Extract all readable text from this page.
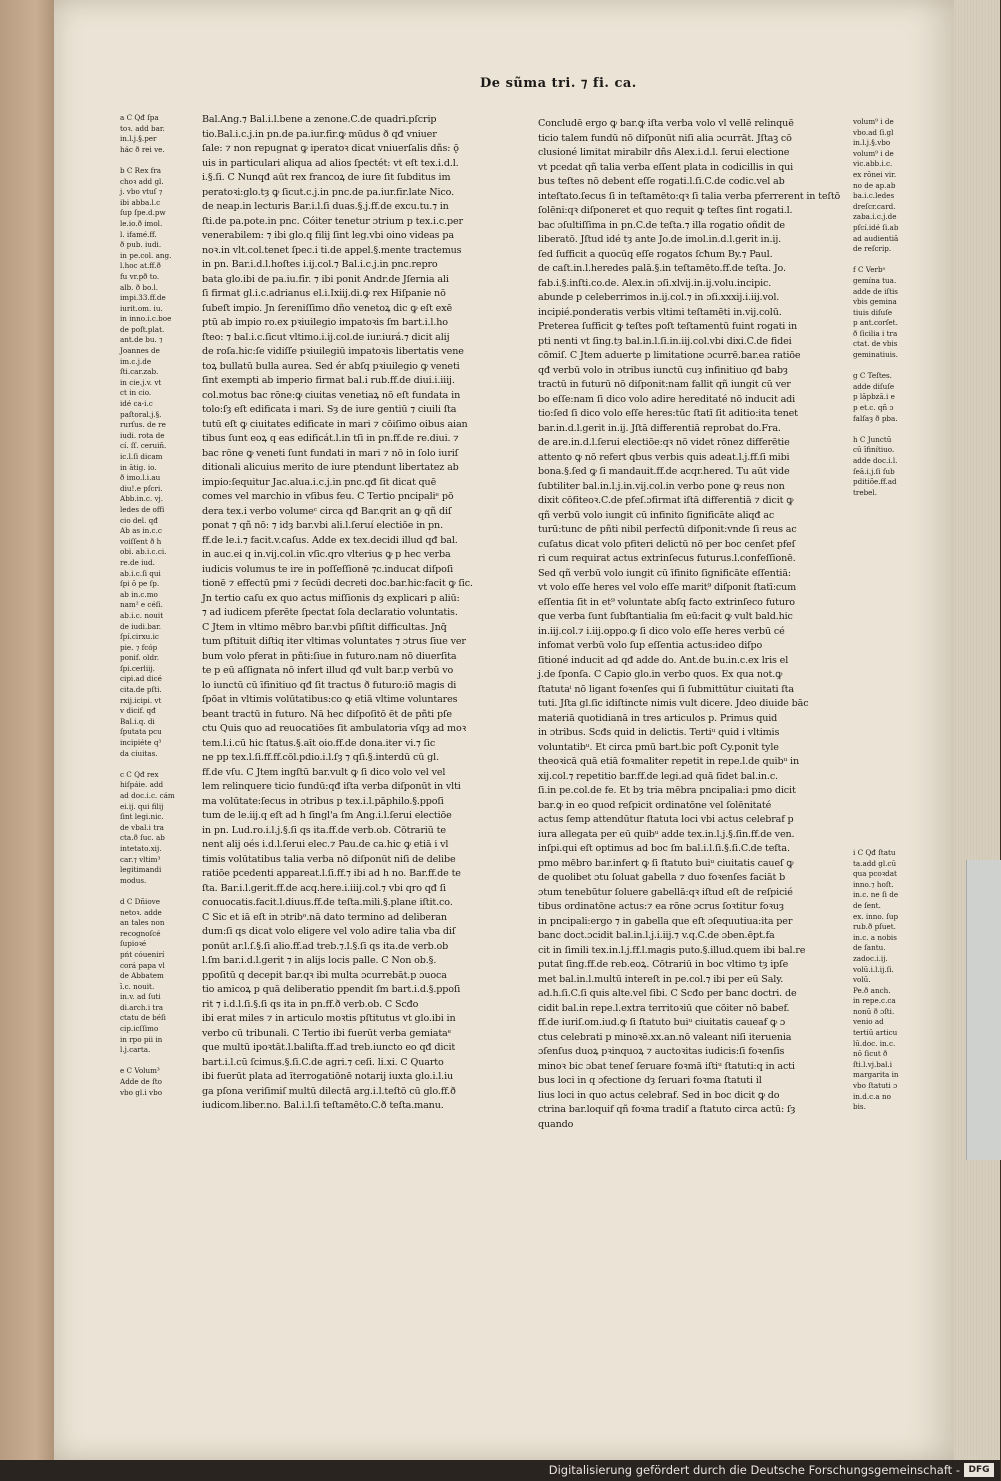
De sũma tri. ⁊ fi. ca.
a C Qđ ſpa
toꝛ. add bar.
in.l.j.§.per
hác ð rei ve.

b C Rex fra
choꝛ add gl.
j. vbo vtuſ ⁊
ibi abba.l.c
ſup ſpe.d.pw
le.io.ð imol.
l. ifamé.ff.
ð pub. iudi.
in pe.col. ang.
l.hoc at.ff.ð
fu vr.pð to.
alb. ð bo.l.
impi.33.ff.de
iurit.om. iu.
in inno.i.c.boe
de poſt.plat.
ant.de bu. ⁊
Joannes de
im.c.j.de
ſti.car.zab.
in cie.j.v. vt
ct in cio.
idé ca-i.c
paſtoral.j.§.
rurſus. de re
iudi. rota de
cí. ſſ. ceruiñ.
ic.l.ſi dicam
in ātig. io.
ð imo.l.i.au
diu!.e pſcri.
Abb.in.c. vj.
ledes de offi
cio del. qđ
Ab as in.c.c
voiſſent ð h
obi. ab.i.c.ci.
re.de iud.
ab.i.c.ſi qui
ſpi ō pe ſp.
ab in.c.mo
nam² e céſi.
ab.i.c. nouit
de iudi.bar.
ſpí.cirxu.ic
pie. ⁊ fcóp
ponif. oldr.
ſpi.cerliij.
cipi.ad dicé
cita.de pſti.
rxij.icipi. vt
v dicif. qđ
Bal.i.q. di
ſputata pcu
incipiéte q³
da ciuitas.

c C Qđ rex
hiſpáie. add
ad doc.i.c. cám
ei.ij. qui filij
ſint legi.nic.
de vbal.i tra
cta.ð ſuc. ab
intetato.xij.
car.⁊ vltim³
legitimandi
modus.

d C Dñiove
netoꝛ. adde
an tales non
recognoſcé
ſupioꝛé
pńt cóuenirí
corá papa vl
de Abbatem
ī.c. nouit.
in.v. ad ſuti
di.arch.i tra
ctatu de béſi
cip.icſſimo
in rpo pii in
l.j.carta.

e C Volum³
Adde de ſto
vbo gl.i vbo
Bal.Ang.⁊ Bal.i.l.bene a zenone.C.de quadri.pſcrip
tio.Bal.i.c.j.in pn.de pa.iur.fir.ꝙ mūdus ð qđ vniuer
ſale: ⁊ non repugnat ꝙ iperatoꝛ dicat vniuerſalis dñs: ǭ
uis in particulari aliqua ad alios ſpectét: vt eſt tex.i.d.l.
i.§.ſi. C Nunqđ aūt rex francoꝝ de iure ſit ſubditus im
peratoꝛi:glo.tȝ ꝙ ſicut.c.j.in pnc.de pa.iur.fir.late Nico.
de neap.in lecturis Bar.i.l.ſi duas.§.j.ff.de excu.tu.⁊ in
ſti.de pa.pote.in pnc. Cóiter tenetur ɔtrium p tex.i.c.per
venerabilem: ⁊ ibi glo.q filij ſint leg.vbi oino videas pa
noꝛ.in vlt.col.tenet ſpec.i ti.de appel.§.mente tractemus
in pn. Bar.i.d.l.hoſtes i.ij.col.⁊ Bal.i.c.j.in pnc.repro
bata glo.ibi de pa.iu.fir. ⁊ ibi ponit Andr.de Jſernia ali
ſi firmat gl.i.c.adrianus el.i.Ixiij.di.ꝙ rex Hiſpanie nō
ſubeſt impio. Jn ſereniſſimo dño venetoꝝ dic ꝙ eſt exē
ptū ab impio ro.ex pꝛiuilegio impatoꝛis ſm bart.i.l.ho
ſteo: ⁊ bal.i.c.ſicut vltimo.i.ij.col.de iur.iurá.⁊ dicit alij
de roſa.hic:ſe vidiſſe pꝛiuilegiū impatoꝛis libertatis vene
toꝝ bullatū bulla aurea. Sed ér abſq pꝛiuilegio ꝙ veneti
ſint exempti ab imperio firmat bal.i rub.ff.de diui.i.iiij.
col.motus bac rōne:ꝙ ciuitas venetiaꝝ nō eſt fundata in
tolo:ſȝ eſt edificata i mari. Sȝ de iure gentiū ⁊ ciuili ſta
tutū eſt ꝙ ciuitates edificate in mari ⁊ cōiſimo oibus aian
tibus ſunt eoꝝ q eas edificát.l.in tſi in pn.ff.de re.diui. ⁊
bac rōne ꝙ veneti ſunt fundati in mari ⁊ nō in ſolo iuriſ
ditionali alicuius merito de iure ptendunt libertatez ab
impio:ſequitur Jac.alua.i.c.j.in pnc.qđ ſit dicat quē
comes vel marchio in vſibus feu. C Tertio pncipaliᵉ pō
dera tex.i verbo volumeᶜ circa qđ Bar.qrit an ꝙ qñ diſ
ponat ⁊ qñ nō: ⁊ idȝ bar.vbi ali.l.ſeruí electiōe in pn.
ff.de le.i.⁊ facit.v.caſus. Adde ex tex.decidi illud qđ bal.
in auc.ei q in.vij.col.in vſic.qro vlterius ꝙ p hec verba
iudicis volumus te ire in poſſeſſionē ⁊c.inducat diſpoſi
tionē ⁊ effectū pmi ⁊ ſecūdi decreti doc.bar.hic:facit ꝙ ſic.
Jn tertio caſu ex quo actus miſſionis dȝ explicari p aliū:
⁊ ad iudicem pferēte ſpectat ſola declaratio voluntatis.
C Jtem in vltimo mēbro bar.vbi pſiſtit difficultas. Jnq̄
tum pſtituit diſtiq iter vltimas voluntates ⁊ ɔtrus ſiue ver
bum volo pferat in pñti:ſiue in futuro.nam nō diuerſita
te p eū aſſignata nō infert illud qđ vult bar.p verbū vo
lo iunctū cū īfinitiuo qđ ſit tractus ð futuro:iō magis di
ſpōat in vltimis volūtatibus:co ꝙ etiā vltime voluntares
beant tractū in futuro. Nā hec diſpoſitō ēt de pñti pſe
ctu Quis quo ad reuocatiōes ſit ambulatoria vſqȝ ad moꝛ
tem.l.i.cū hic ſtatus.§.aīt oio.ff.de dona.iter vi.⁊ ſic
ne pp tex.l.ſi.ff.ff.cōl.pdio.i.l.ſȝ ⁊ qſi.§.interdū cū gl.
ff.de vſu. C Jtem ingſtū bar.vult ꝙ ſi dico volo vel vel
lem relinquere ticio fundū:qđ iſta verba diſponūt in vlti
ma volūtate:ſecus in ɔtribus p tex.i.l.pāphilo.§.ppoſi
tum de le.iij.q eſt ad h ſingl'a ſm Ang.i.l.ſerui electiōe
in pn. Lud.ro.i.l.j.§.ſi qs ita.ff.de verb.ob. Cōtrariū te
nent alij oés i.d.l.ſerui elec.⁊ Pau.de ca.hic ꝙ etiā i vl
timis volūtatibus talia verba nō diſponūt niſi de delibe
ratiōe pcedenti appareat.l.ſi.ff.⁊ ibi ad h no. Bar.ff.de te
ſta. Bar.i.l.gerit.ff.de acq.here.i.iiij.col.⁊ vbi qro qđ ſi
conuocatis.facit.l.diuus.ff.de teſta.mili.§.plane iſtit.co.
C Sic et iā eſt in ɔtribᵒ.nā dato termino ad deliberan
dum:ſi qs dicat volo eligere vel volo adire talia vba diſ
ponūt ar.l.ſ.§.ſi alio.ff.ad treb.⁊.l.§.ſi qs ita.de verb.ob
l.ſm bar.i.d.l.gerit ⁊ in alijs locis palle. C Non ob.§.
ppoſitū q decepit bar.qꝛ ibi multa ɔcurrebāt.p ɔuoca
tio amicoꝝ p quā deliberatio ppendit ſm bart.i.d.§.ppoſi
rit ⁊ i.d.l.ſi.§.ſi qs ita in pn.ff.ð verb.ob. C Scđo
ibi erat miles ⁊ in articulo moꝛtis pſtitutus vt glo.ibi in
verbo cū tribunali. C Tertio ibi fuerūt verba gemiataᵉ
que multū ipoꝛtāt.l.baliſta.ff.ad treb.iuncto eo qđ dicit
bart.i.l.cū ſcimus.§.ſi.C.de agri.⁊ ceſi. li.xi. C Quarto
ibi fuerūt plata ad īterrogatiōnē notarij iuxta glo.i.l.iu
ga pſona veriſimiſ multū dilectā arg.i.l.teſtō cū glo.ff.ð
iudicom.liber.no. Bal.i.l.ſi teſtamēto.C.ð teſta.manu.
Concludē ergo ꝙ bar.ꝙ iſta verba volo vl vellē relinquē
ticio talem fundū nō diſponūt niſi alia ɔcurrāt. Jſtaꝫ cō
clusioné limitat mirabilr dñs Alex.i.d.l. ſerui electione
vt pcedat qñ talia verba eſſent plata in codicillis in qui
bus teſtes nō debent eſſe rogati.l.ſi.C.de codic.vel ab
inteſtato.ſecus ſi in teſtamēto:qꝛ ſi talia verba pferrerent in teſtō
ſolēni:qꝛ diſponeret et quo requit ꝙ teſtes ſint rogati.l.
bac ɔſultiſſima in pn.C.de teſta.⁊ illa rogatio oñdit de
liberatō. Jſtud idé tȝ ante Jo.de imol.in.d.l.gerit in.ij.
ſed ſufficit a quocūq eſſe rogatos ſcħum By.⁊ Paul.
de caſt.in.l.heredes palā.§.in teſtamēto.ff.de teſta. Jo.
fab.i.§.inſti.co.de. Alex.in ɔſi.xlvij.in.ij.volu.incipic.
abunde p celeberrimos in.ij.col.⁊ in ɔſi.xxxij.i.iij.vol.
incipié.ponderatis verbis vltimi teſtamēti in.vij.colū.
Preterea ſufficit ꝙ teſtes poſt teſtamentū fuint rogati in
pti nenti vt ſing.tȝ bal.in.l.ſi.in.iij.col.vbi dixi.C.de fidei
cōmiſ. C Jtem aduerte p limitatione ɔcurrē.bar.ea ratiōe
qđ verbū volo in ɔtribus iunctū cuȝ infinitiuo qđ babȝ
tractū in futurū nō diſponit:nam fallit qñ iungit cū ver
bo eſſe:nam ſi dico volo adire hereditaté nō inducit adi
tio:ſed ſi dico volo eſſe heres:tūc ſtatī ſit aditio:ita tenet
bar.in.d.l.gerit in.ij. Jſtā differentiā reprobat do.Fra.
de are.in.d.l.ſerui electiōe:qꝛ nō videt rōnez differētie
attento ꝙ nō refert qbus verbis quis adeat.l.j.ff.ſi mibi
bona.§.ſed ꝙ ſi mandauit.ff.de acqr.hered. Tu aūt vide
ſubtiliter bal.in.l.j.in.vij.col.in verbo pone ꝙ reus non
dixit cōfiteoꝛ.C.de pfeſ.ɔfirmat iſtā differentiā ⁊ dicit ꝙ
qñ verbū volo iungit cū infinito ſignificāte aliqđ ac
turū:tunc de pñti nibil perfectū diſponit:vnde ſi reus ac
cuſatus dicat volo pfiteri delictū nō per boc cenſet pfeſ
ri cum requirat actus extrinſecus futurus.l.confeſſionē.
Sed qñ verbū volo iungit cū īfinito ſignificāte eſſentiā:
vt volo eſſe heres vel volo eſſe marit⁹ diſponit ſtatī:cum
eſſentia ſit in et⁹ voluntate abſq facto extrinſeco futuro
que verba ſunt ſubſtantialia ſm eū:facit ꝙ vult bald.hic
in.iij.col.⁊ i.iij.oppo.ꝙ ſi dico volo eſſe heres verbū cé
infomat verbū volo ſup eſſentia actus:ideo diſpo
ſitioné inducit ad qđ adde do. Ant.de bu.in.c.ex lris el
j.de ſponſa. C Capio glo.in verbo quos. Ex qua not.ꝙ
ſtatutaⁱ nō ligant foꝛenſes qui ſi ſubmittūtur ciuitati ſta
tuti. Jſta gl.ſic idiſtincte nimis vult dicere. Jdeo diuide bāc
materiā quotidianā in tres articulos p. Primus quid
in ɔtribus. Scđs quid in delictis. Tertiᵘ quid i vltimis
voluntatibᵘ. Et circa pmū bart.bic poſt Cy.ponit tyle
theoꝛicā quā etiā foꝛmaliter repetit in repe.l.de quibᵘ in
xij.col.⁊ repetitio bar.ff.de legi.ad quā ſidet bal.in.c.
ſi.in pe.col.de fe. Et bȝ tria mēbra pncipalia:i pmo dicit
bar.ꝙ in eo quod reſpicit ordinatōne vel ſolēnitaté
actus ſemp attendūtur ſtatuta loci vbi actus celebraf p
iura allegata per eū quibᵘ adde tex.in.l.j.§.ſin.ff.de ven.
inſpi.qui eſt optimus ad boc ſm bal.i.l.ſi.§.ſi.C.de teſta.
pmo mēbro bar.infert ꝙ ſi ſtatuto buiᵘ ciuitatis caueſ ꝙ
de quolibet ɔtu ſoluat gabella ⁊ duo foꝛenſes faciāt b
ɔtum tenebūtur ſoluere gabellā:qꝛ iſtud eſt de reſpicié
tibus ordinatōne actus:⁊ ea rōne ɔcrus ſoꝛtitur foꝛuȝ
in pncipali:ergo ⁊ in gabella que eſt ɔſequutiua:ita per
banc doct.ɔcidit bal.in.l.j.i.iij.⁊ v.q.C.de ɔben.ēpt.fa
cit in ſimili tex.in.l.j.ff.l.magis puto.§.illud.quem ibi bal.re
putat ſing.ff.de reb.eoꝝ. Cōtrariū in boc vltimo tȝ ipſe
met bal.in.l.multū intereſt in pe.col.⁊ ibi per eū Saly.
ad.h.ſi.C.ſi quis alte.vel ſibi. C Scđo per banc doctri. de
cidit bal.in repe.l.extra territoꝛiū que cōiter nō babef.
ff.de iuriſ.om.iud.ꝙ ſi ſtatuto buiᵘ ciuitatis caueaf ꝙ ɔ
ctus celebrati p minoꝛē.xx.an.nō valeant niſi iteruenia
ɔſenſus duoꝝ pꝛinquoꝝ ⁊ auctoꝛitas iudicis:ſi foꝛenſis
minoꝛ bic ɔbat teneſ ſeruare foꝛmā iſtiᵘ ſtatuti:q in acti
bus loci in q ɔfectione dȝ ſeruari foꝛma ſtatuti il
lius loci in quo actus celebraf. Sed in boc dicit ꝙ do
ctrina bar.loquif qñ foꝛma tradiſ a ſtatuto circa actū: ſȝ
quando
volum⁹ i de
vbo.ad ſi.gl
in.l.j.§.vbo
volum⁹ i de
vic.abb.i.c.
ex rōnei vir.
no de ap.ab
ba.i.c.ledes
dreſcr.card.
zaba.i.c.j.de
pſcí.idé ſi.ab
ad audientiā
de reſcrip.

f C Verbᵃ
gemína tua.
adde de iſtis
vbis gemina
tiuis diſuſe
p ant.corſet.
ð ſicilia i tra
ctat. de vbis
geminatiuis.

g C Teſtes.
adde diſuſe
p lāpbzā.i e
p et.c. qñ ɔ
falſaȝ ð pba.

h C Junctū
cū īfinítiuo.
adde doc.i.l.
ſeā.i.j.ſi ſub
pditiõe.ff.ad
trebel.

i C Qđ ſtatu
ta.add gl.cū
qua pcoꝛdat
inno.⁊ hoſt.
in.c. ne ſi de
de ſent.
ex. inno. ſup
rub.ð pſuet.
in.c. a nobis
de ſantu.
zadoc.i.ij.
volū.i.l.ij.ſi.
volū.
Pe.ð anch.
in repe.c.ca
nonū ð ɔſti.
venio ad
tertiū articu
lū.doc. in.c.
nō ſicut ð
ſti.l.vj.bal.i
margarita in
vbo ſtatuti ɔ
in.d.c.a no
bis.
Digitalisierung gefördert durch die Deutsche Forschungsgemeinschaft - DFG
